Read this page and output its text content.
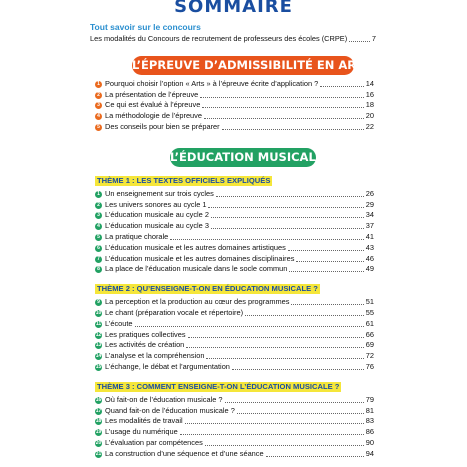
SOMMAIRE
Tout savoir sur le concours
Les modalités du Concours de recrutement de professeurs des écoles (CRPE)	7
L’ÉPREUVE D’ADMISSIBILITÉ EN ARTS
1 Pourquoi choisir l’option « Arts » à l’épreuve écrite d’application ?	14
2 La présentation de l’épreuve	16
3 Ce qui est évalué à l’épreuve	18
4 La méthodologie de l’épreuve	20
5 Des conseils pour bien se préparer	22
L’ÉDUCATION MUSICALE
THÈME 1 : LES TEXTES OFFICIELS EXPLIQUÉS
1 Un enseignement sur trois cycles	26
2 Les univers sonores au cycle 1	29
3 L’éducation musicale au cycle 2	34
4 L’éducation musicale au cycle 3	37
5 La pratique chorale	41
6 L’éducation musicale et les autres domaines artistiques	43
7 L’éducation musicale et les autres domaines disciplinaires	46
8 La place de l’éducation musicale dans le socle commun	49
THÈME 2 : QU’ENSEIGNE-T-ON EN ÉDUCATION MUSICALE ?
9 La perception et la production au cœur des programmes	51
10 Le chant (préparation vocale et répertoire)	55
11 L’écoute	61
12 Les pratiques collectives	66
13 Les activités de création	69
14 L’analyse et la compréhension	72
15 L’échange, le débat et l’argumentation	76
THÈME 3 : COMMENT ENSEIGNE-T-ON L’ÉDUCATION MUSICALE ?
16 Où fait-on de l’éducation musicale ?	79
17 Quand fait-on de l’éducation musicale ?	81
18 Les modalités de travail	83
19 L’usage du numérique	86
20 L’évaluation par compétences	90
21 La construction d’une séquence et d’une séance	94
